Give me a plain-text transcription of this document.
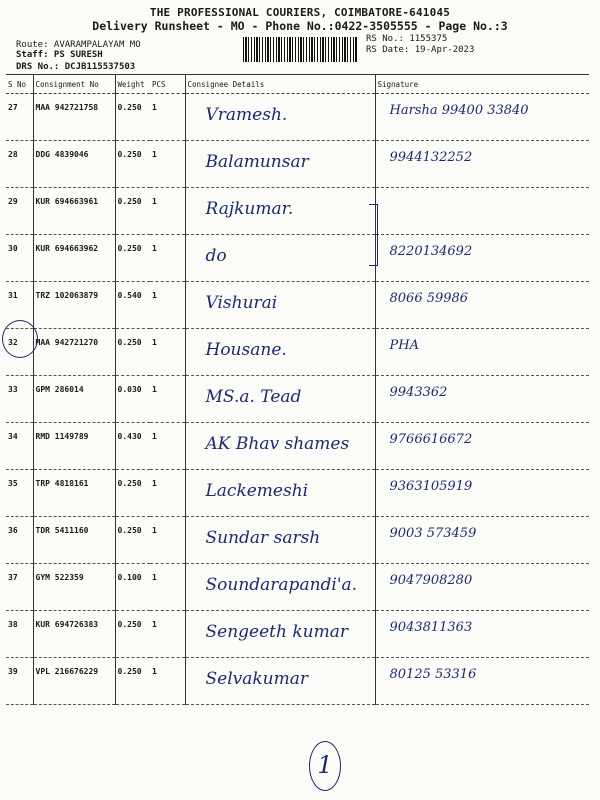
THE PROFESSIONAL COURIERS, COIMBATORE-641045
Delivery Runsheet - MO - Phone No.:0422-3505555 - Page No.:3
Route: AVARAMPALAYAM MO
Staff: PS SURESH
DRS No.: DCJB115537503
RS No.: 1155375
RS Date: 19-Apr-2023
S No	Consignment No	Weight	PCS	Consignee Details	Signature
27	MAA 942721758	0.250	1	Vramesh.	Harsha 99400 33840

28	DDG 4839046	0.250	1	Balamunsar	9944132252

29	KUR 694663961	0.250	1	Rajkumar.	

30	KUR 694663962	0.250	1	do	8220134692

31	TRZ 102063879	0.540	1	Vishurai	8066 59986

32	MAA 942721270	0.250	1	Housane.	PHA

33	GPM 286014	0.030	1	MS.a. Tead	9943362

34	RMD 1149789	0.430	1	AK Bhav shames	9766616672

35	TRP 4818161	0.250	1	Lackemeshi	9363105919

36	TDR 5411160	0.250	1	Sundar sarsh	9003 573459

37	GYM 522359	0.100	1	Soundarapandi'a.	9047908280

38	KUR 694726383	0.250	1	Sengeeth kumar	9043811363

39	VPL 216676229	0.250	1	Selvakumar	80125 53316
1
